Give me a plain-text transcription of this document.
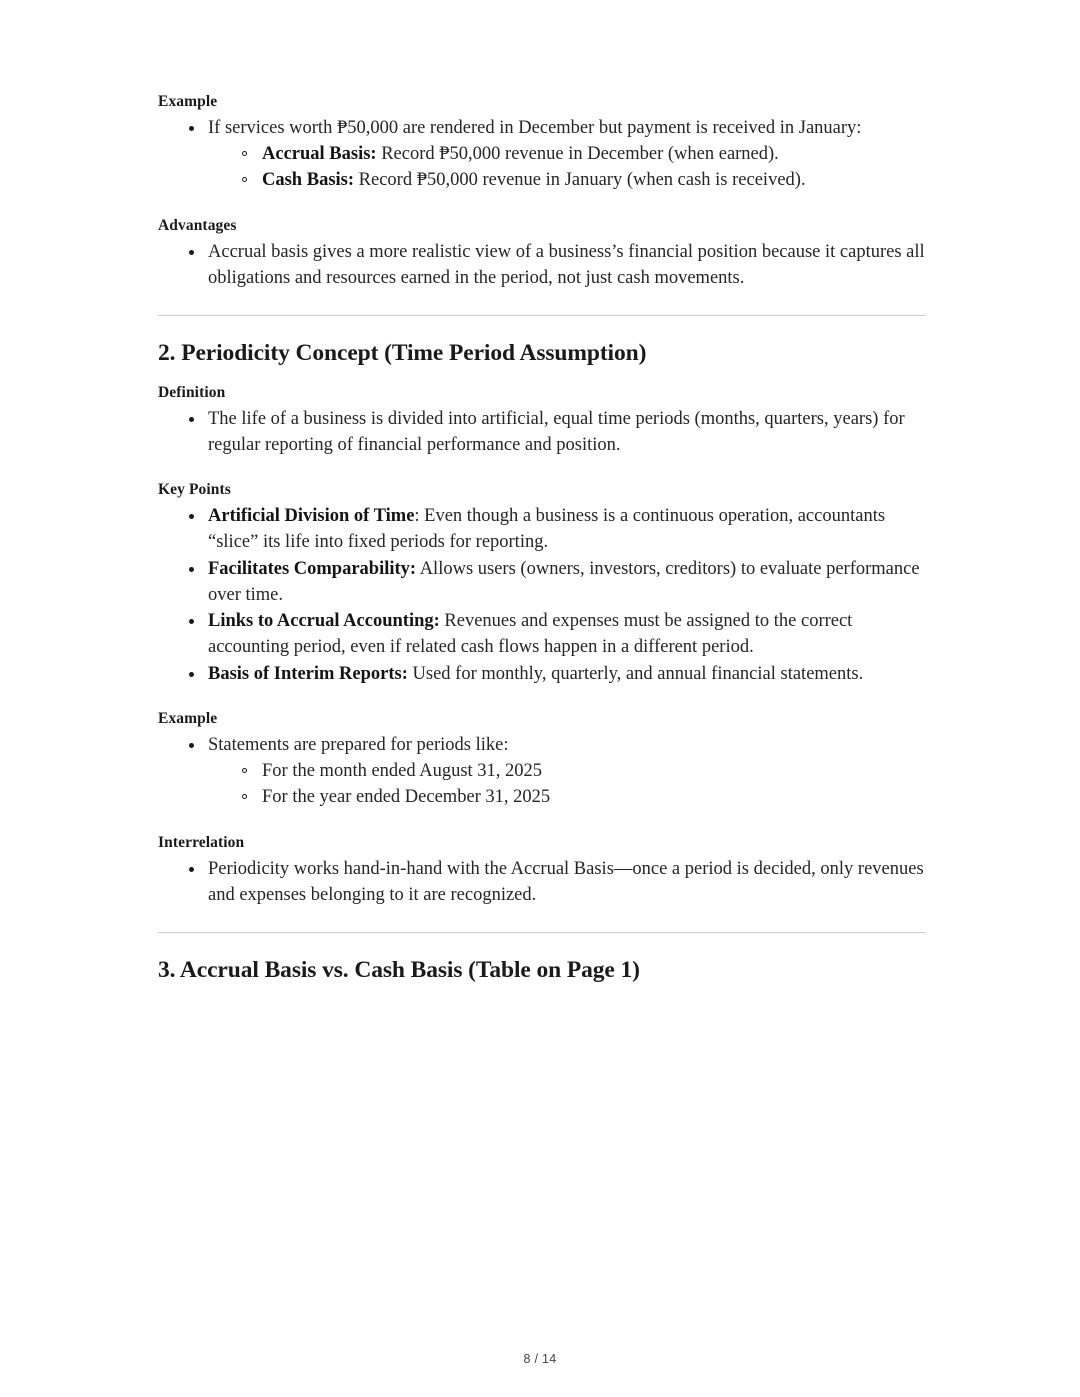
Example

If services worth ₱50,000 are rendered in December but payment is received in January:
Accrual Basis: Record ₱50,000 revenue in December (when earned).
Cash Basis: Record ₱50,000 revenue in January (when cash is received).

Advantages

Accrual basis gives a more realistic view of a business’s financial position because it captures all obligations and resources earned in the period, not just cash movements.
2. Periodicity Concept (Time Period Assumption)

Definition

The life of a business is divided into artificial, equal time periods (months, quarters, years) for regular reporting of financial performance and position.

Key Points

Artificial Division of Time: Even though a business is a continuous operation, accountants “slice” its life into fixed periods for reporting.
Facilitates Comparability: Allows users (owners, investors, creditors) to evaluate performance over time.
Links to Accrual Accounting: Revenues and expenses must be assigned to the correct accounting period, even if related cash flows happen in a different period.
Basis of Interim Reports: Used for monthly, quarterly, and annual financial statements.

Example

Statements are prepared for periods like:
For the month ended August 31, 2025
For the year ended December 31, 2025

Interrelation

Periodicity works hand-in-hand with the Accrual Basis—once a period is decided, only revenues and expenses belonging to it are recognized.
3. Accrual Basis vs. Cash Basis (Table on Page 1)
8 / 14
